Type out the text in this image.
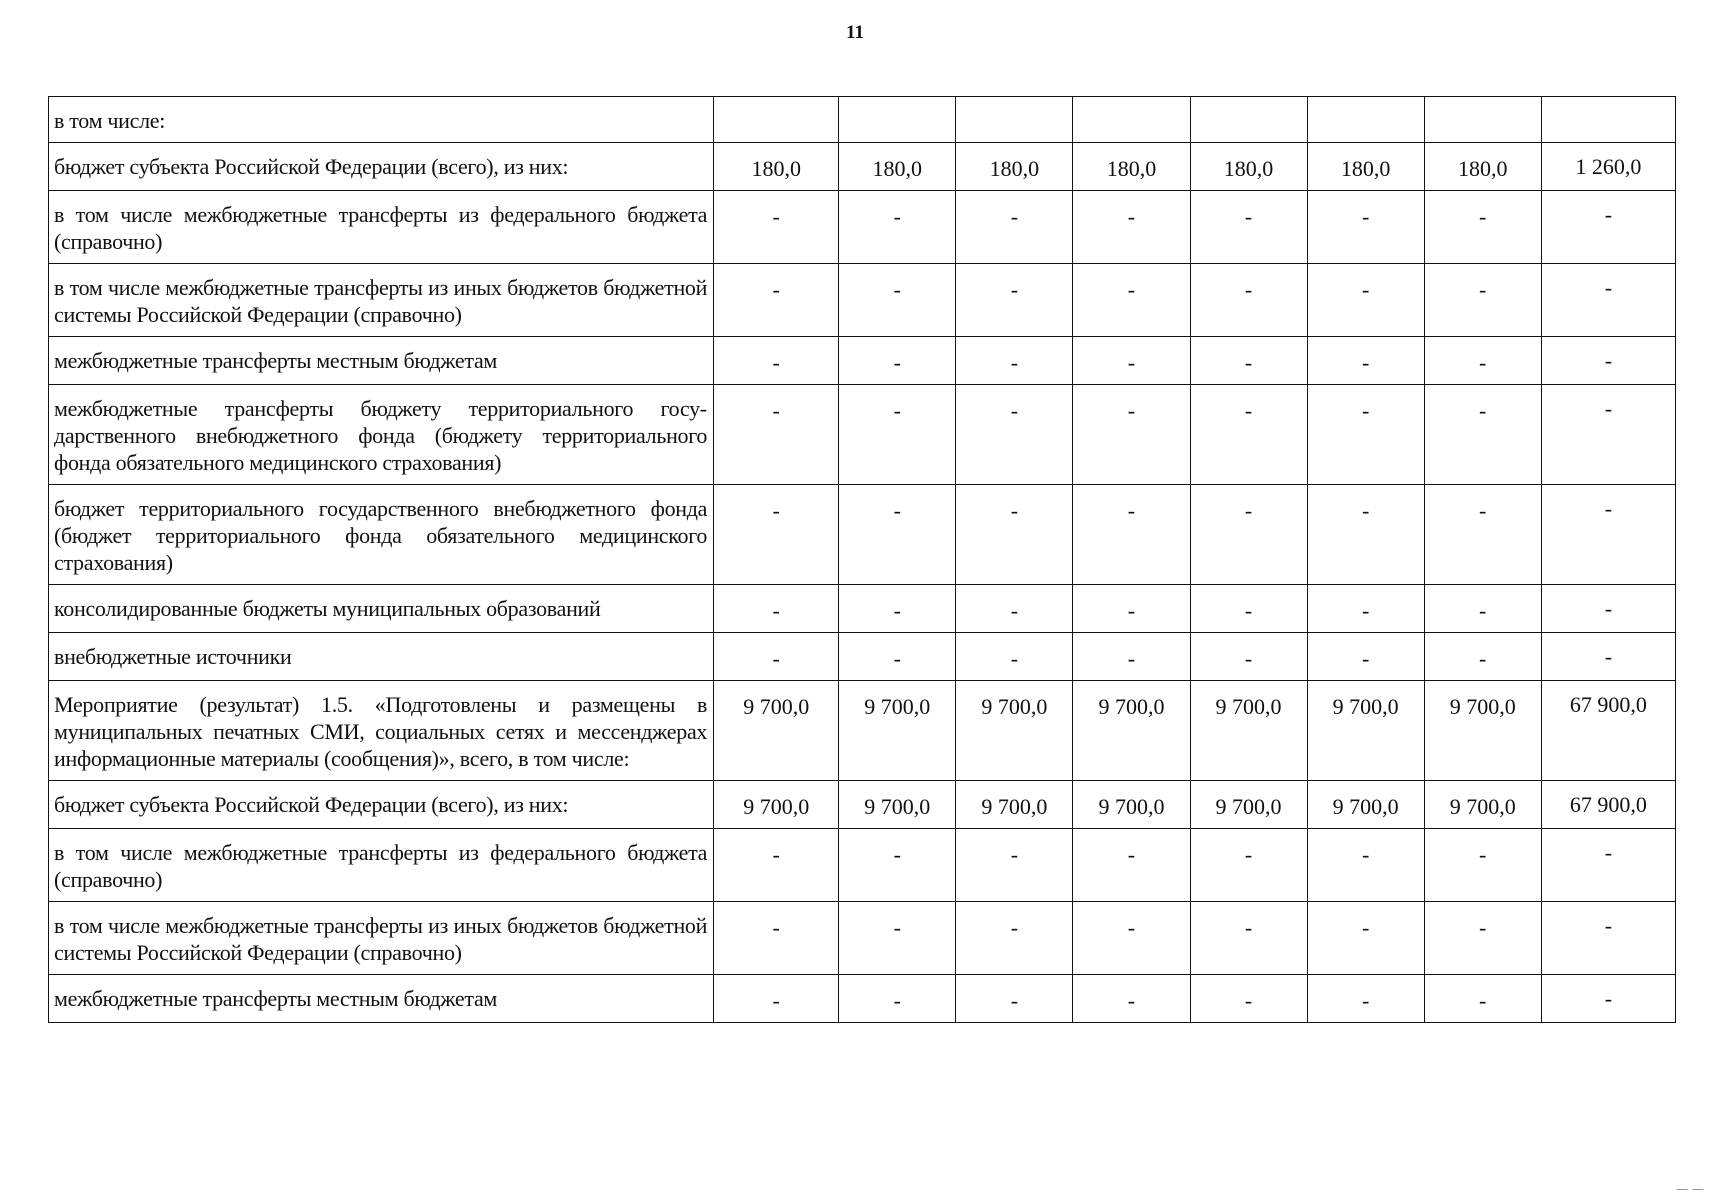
11
в том числе:								
бюджет субъекта Российской Федерации (всего), из них:	180,0	180,0	180,0	180,0	180,0	180,0	180,0	1 260,0
в том числе межбюджетные трансферты из федерального бюджета (справочно)	-	-	-	-	-	-	-	-
в том числе межбюджетные трансферты из иных бюджетов бюджетной системы Российской Федерации (справочно)	-	-	-	-	-	-	-	-
межбюджетные трансферты местным бюджетам	-	-	-	-	-	-	-	-
межбюджетные трансферты бюджету территориального государственного внебюджетного фонда (бюджету территориального фонда обязательного медицинского страхования)	-	-	-	-	-	-	-	-
бюджет территориального государственного внебюджетного фонда (бюджет территориального фонда обязательного медицинского страхования)	-	-	-	-	-	-	-	-
консолидированные бюджеты муниципальных образований	-	-	-	-	-	-	-	-
внебюджетные источники	-	-	-	-	-	-	-	-
Мероприятие (результат) 1.5. «Подготовлены и размещены в муниципальных печатных СМИ, социальных сетях и мессенджерах информационные материалы (сообщения)», всего, в том числе:	9 700,0	9 700,0	9 700,0	9 700,0	9 700,0	9 700,0	9 700,0	67 900,0
бюджет субъекта Российской Федерации (всего), из них:	9 700,0	9 700,0	9 700,0	9 700,0	9 700,0	9 700,0	9 700,0	67 900,0
в том числе межбюджетные трансферты из федерального бюджета (справочно)	-	-	-	-	-	-	-	-
в том числе межбюджетные трансферты из иных бюджетов бюджетной системы Российской Федерации (справочно)	-	-	-	-	-	-	-	-
межбюджетные трансферты местным бюджетам	-	-	-	-	-	-	-	-
— —
